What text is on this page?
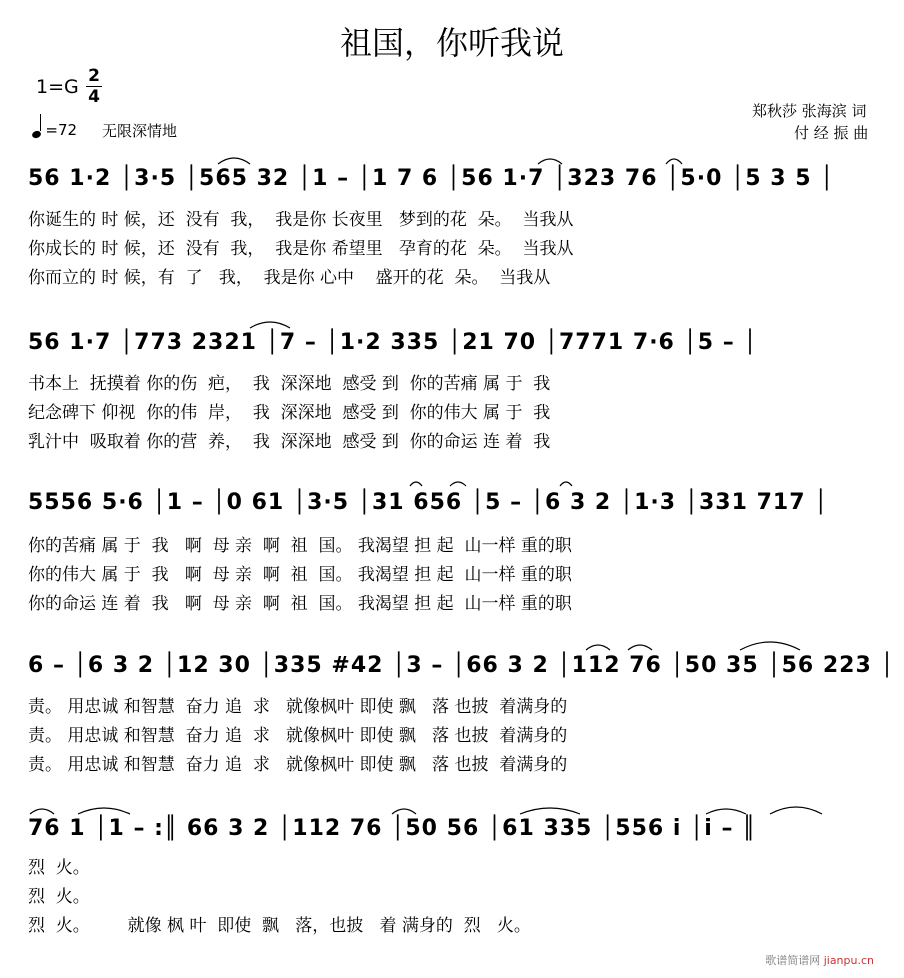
祖国，你听我说
1=G 2
4
=72 无限深情地
郑秋莎 张海滨 词
付 经 振 曲
56 1·2 │3·5 │565 32 │1 – │1 7 6 │56 1·7 │323 76 │5·0 │5 3 5 │
你诞生的 时 候，还  没有  我，  我是你 长夜里   梦到的花  朵。  当我从
你成长的 时 候，还  没有  我，  我是你 希望里   孕育的花  朵。  当我从
你而立的 时 候，有  了   我，  我是你 心中    盛开的花  朵。  当我从
56 1·7 │773 2321 │7 – │1·2 335 │21 70 │7771 7·6 │5 – │
书本上  抚摸着 你的伤  疤，  我  深深地  感受 到  你的苦痛 属 于  我
纪念碑下 仰视  你的伟  岸，  我  深深地  感受 到  你的伟大 属 于  我
乳汁中  吸取着 你的营  养，  我  深深地  感受 到  你的命运 连 着  我
5556 5·6 │1 – │0 61 │3·5 │31 656 │5 – │6 3 2 │1·3 │331 717 │
你的苦痛 属 于  我   啊  母 亲  啊  祖  国。 我渴望 担 起  山一样 重的职
你的伟大 属 于  我   啊  母 亲  啊  祖  国。 我渴望 担 起  山一样 重的职
你的命运 连 着  我   啊  母 亲  啊  祖  国。 我渴望 担 起  山一样 重的职
6 – │6 3 2 │12 30 │335 #42 │3 – │66 3 2 │112 76 │50 35 │56 223 │
责。 用忠诚 和智慧  奋力 追  求   就像枫叶 即使 飘   落 也披  着满身的
责。 用忠诚 和智慧  奋力 追  求   就像枫叶 即使 飘   落 也披  着满身的
责。 用忠诚 和智慧  奋力 追  求   就像枫叶 即使 飘   落 也披  着满身的
76 1 │1 – :║ 66 3 2 │112 76 │50 56 │61 335 │556 i │i – ║
烈  火。
烈  火。
烈  火。       就像 枫 叶  即使  飘   落，也披   着 满身的  烈   火。
歌谱简谱网 jianpu.cn
